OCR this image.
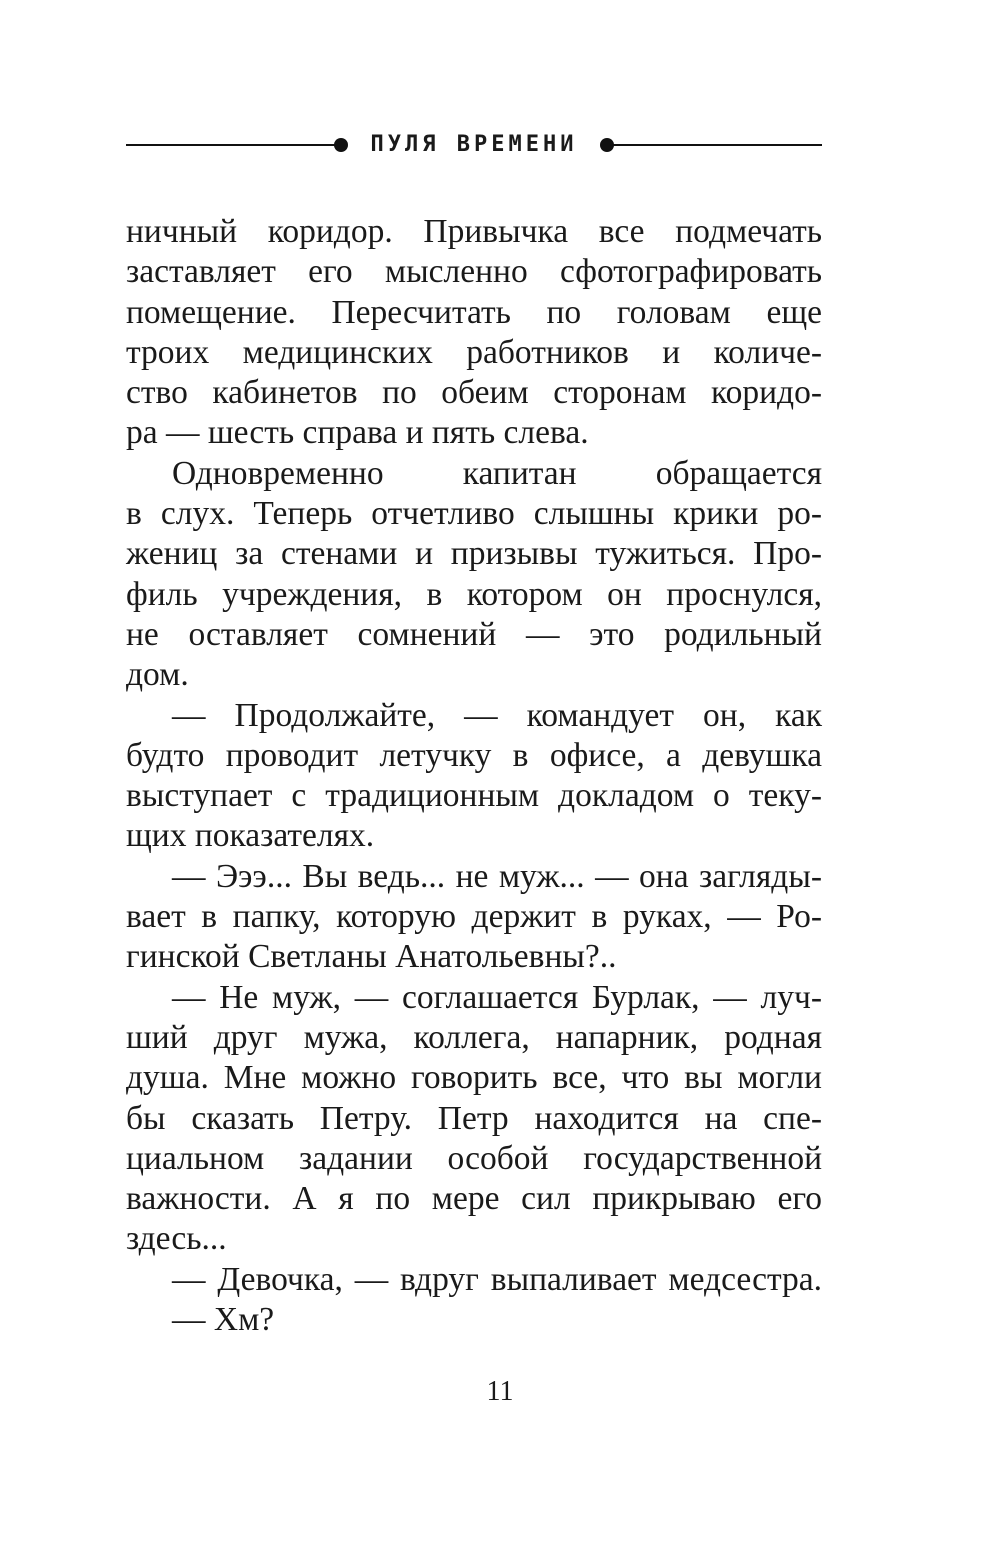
ПУЛЯ ВРЕМЕНИ
ничный коридор. Привычка все подмечать
заставляет его мысленно сфотографировать
помещение. Пересчитать по головам еще
троих медицинских работников и количе-
ство кабинетов по обеим сторонам коридо-
ра — шесть справа и пять слева.
Одновременно капитан обращается
в слух. Теперь отчетливо слышны крики ро-
жениц за стенами и призывы тужиться. Про-
филь учреждения, в котором он проснулся,
не оставляет сомнений — это родильный
дом.
— Продолжайте, — командует он, как
будто проводит летучку в офисе, а девушка
выступает с традиционным докладом о теку-
щих показателях.
— Эээ... Вы ведь... не муж... — она загляды-
вает в папку, которую держит в руках, — Ро-
гинской Светланы Анатольевны?..
— Не муж, — соглашается Бурлак, — луч-
ший друг мужа, коллега, напарник, родная
душа. Мне можно говорить все, что вы могли
бы сказать Петру. Петр находится на спе-
циальном задании особой государственной
важности. А я по мере сил прикрываю его
здесь...
— Девочка, — вдруг выпаливает медсестра.
— Хм?
11
